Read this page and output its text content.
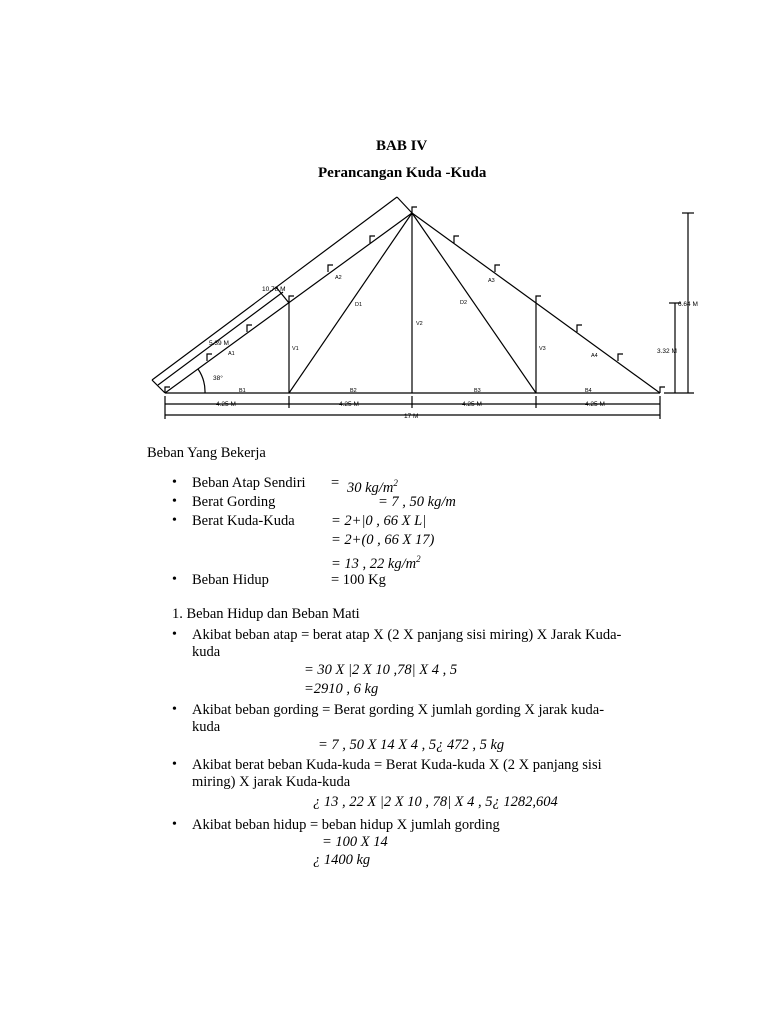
BAB IV
Perancangan Kuda -Kuda
10.78 M
5.39 M
38°
6.64 M
3.32 M
4.25 M	4.25 M	4.25 M	4.25 M
17 M
A1
A2	A3
A4
B1	B2	B3	B4
D1	D2
V1
V2
V3
Beban Yang Bekerja
• Beban Atap Sendiri = 30 $kg/m^2$
• Berat Gording	= 7 , 50 kg/m
• Berat Kuda-Kuda	= 2+|0 , 66 X L|
= 2+(0 , 66 X 17)
= 13 , 22 $kg/m^2$
• Beban Hidup	= 100 Kg
1. Beban Hidup dan Beban Mati
• Akibat beban atap = berat atap X (2 X panjang sisi miring) X Jarak Kuda-
kuda
= 30 X |2 X 10 ,78| X 4 , 5
=2910 , 6 kg
• Akibat beban gording = Berat gording X jumlah gording X jarak kuda-
kuda
= 7 , 50 X 14 X 4 , 5¿ 472 , 5 kg
• Akibat berat beban Kuda-kuda = Berat Kuda-kuda X (2 X panjang sisi
miring) X jarak Kuda-kuda
¿ 13 , 22 X |2 X 10 , 78| X 4 , 5¿ 1282,604
• Akibat beban hidup = beban hidup X jumlah gording
= 100 X 14
¿ 1400 kg
